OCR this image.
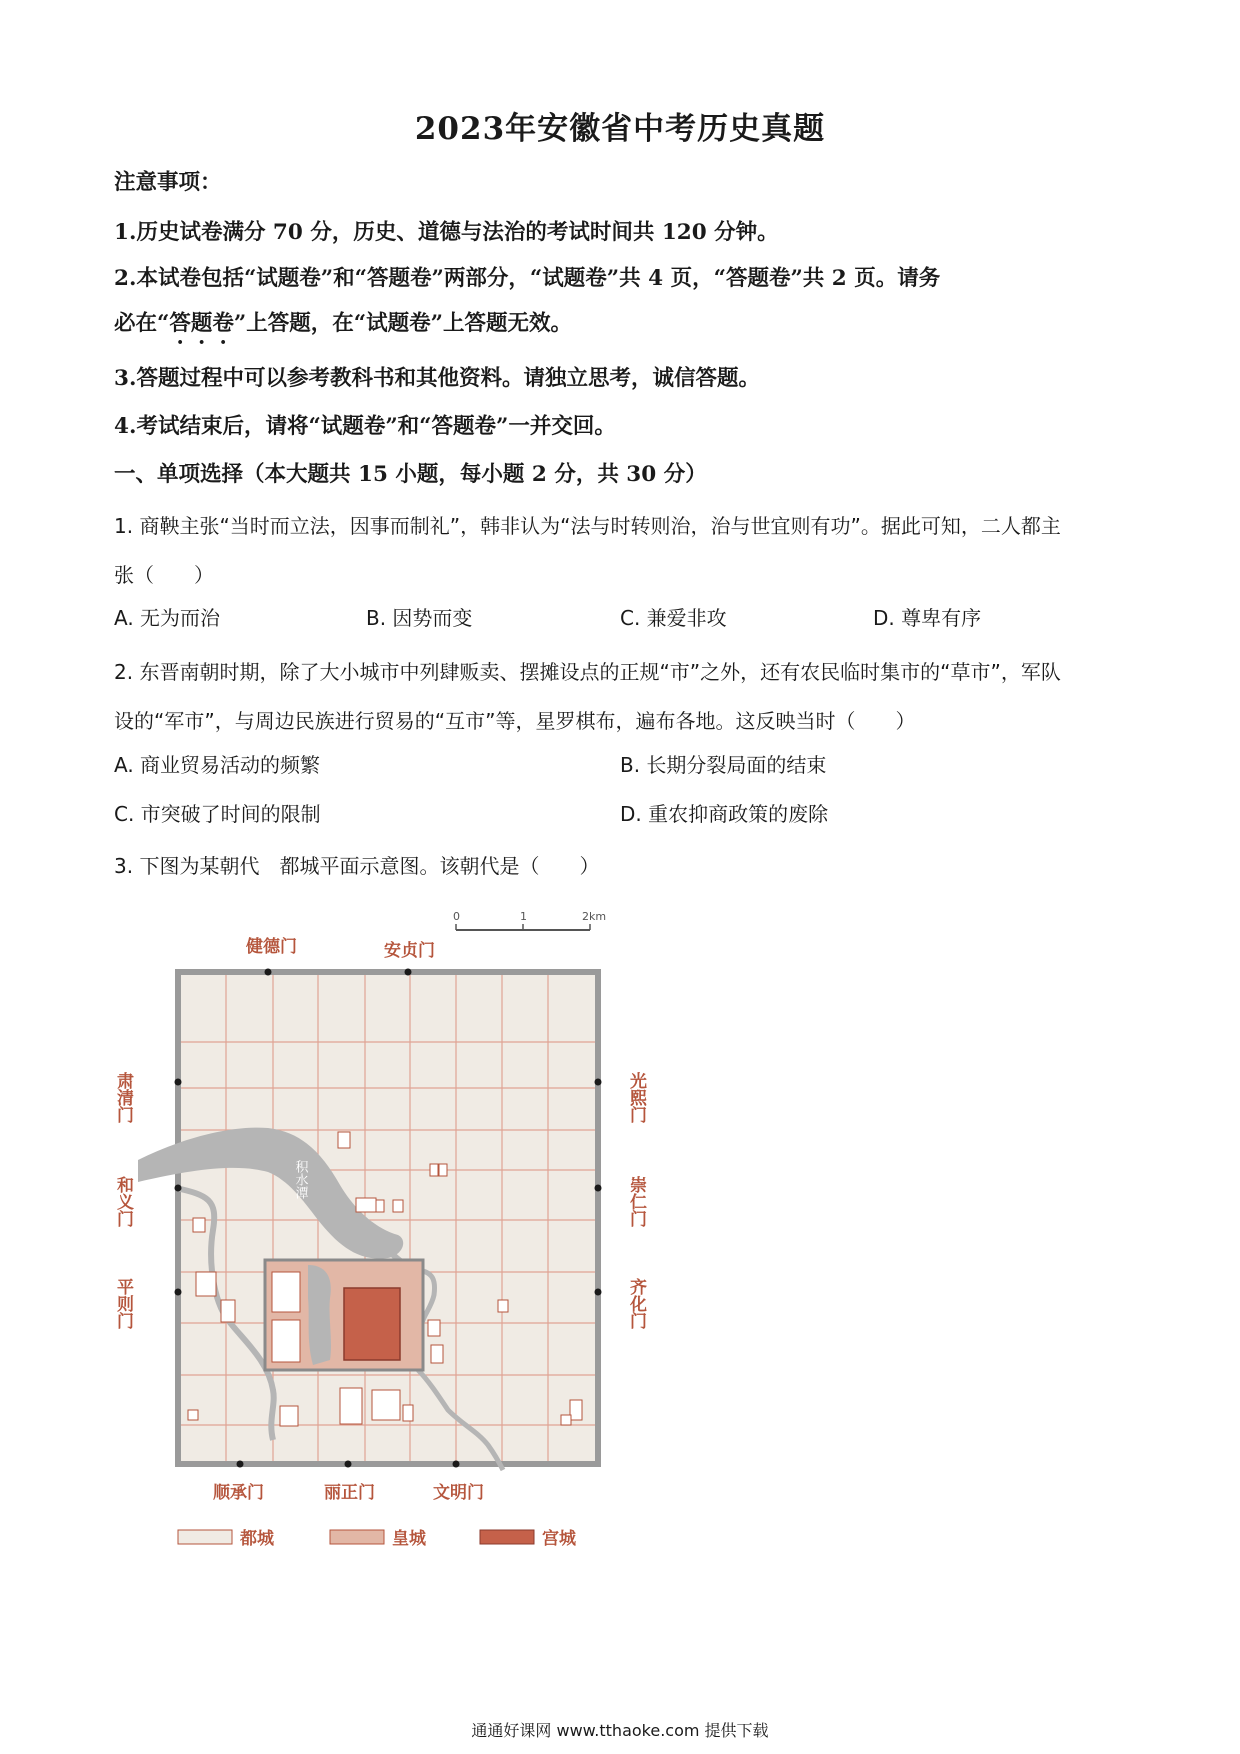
2023年安徽省中考历史真题
注意事项：
1.历史试卷满分 70 分，历史、道德与法治的考试时间共 120 分钟。
2.本试卷包括“试题卷”和“答题卷”两部分，“试题卷”共 4 页，“答题卷”共 2 页。请务
必在“答题卷”上答题，在“试题卷”上答题无效。
3.答题过程中可以参考教科书和其他资料。请独立思考，诚信答题。
4.考试结束后，请将“试题卷”和“答题卷”一并交回。
一、单项选择（本大题共 15 小题，每小题 2 分，共 30 分）
1. 商鞅主张“当时而立法，因事而制礼”，韩非认为“法与时转则治，治与世宜则有功”。据此可知，二人都主
张（　　）
A. 无为而治	B. 因势而变	C. 兼爱非攻	D. 尊卑有序
2. 东晋南朝时期，除了大小城市中列肆贩卖、摆摊设点的正规“市”之外，还有农民临时集市的“草市”，军队
设的“军市”，与周边民族进行贸易的“互市”等，星罗棋布，遍布各地。这反映当时（　　）
A. 商业贸易活动的频繁	B. 长期分裂局面的结束
C. 市突破了时间的限制	D. 重农抑商政策的废除
3. 下图为某朝代　都城平面示意图。该朝代是（　　）
0	1	2km
健德门	安贞门
肃清门
和义门
平则门
光熙门
崇仁门
齐化门
顺承门	丽正门	文明门
积水潭
都城	皇城	宫城
通通好课网 www.tthaoke.com 提供下载
